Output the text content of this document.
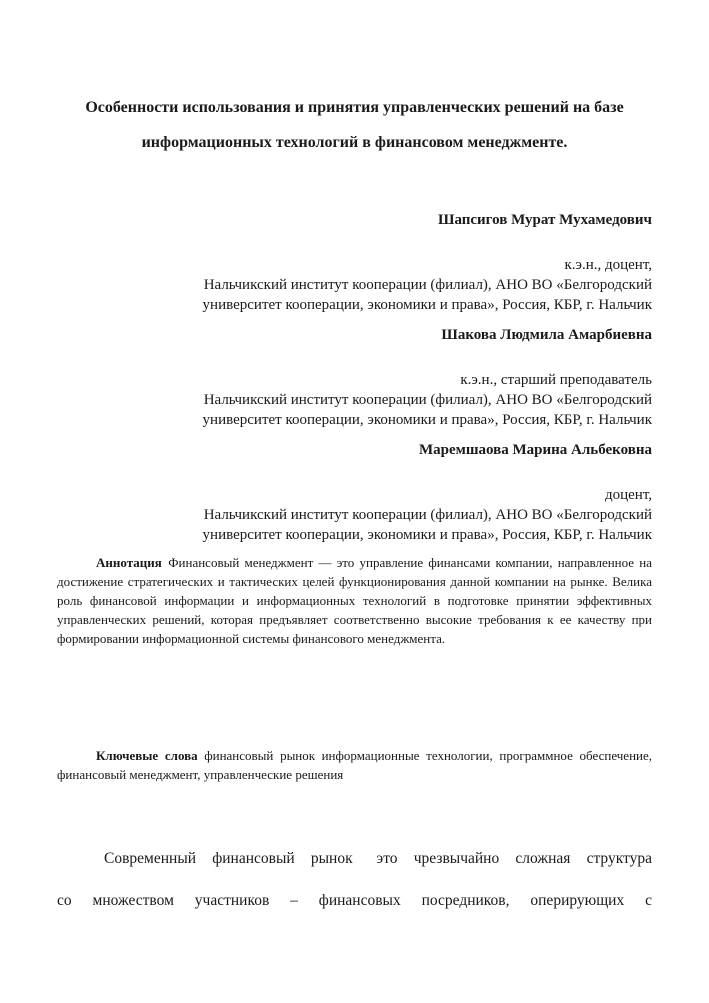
Особенности использования и принятия управленческих решений на базе
информационных технологий в финансовом менеджменте.

Шапсигов Мурат Мухамедович

к.э.н., доцент,

Нальчикский институт кооперации (филиал), АНО ВО «Белгородский

университет кооперации, экономики и права», Россия, КБР, г. Нальчик

Шакова Людмила Амарбиевна

к.э.н., старший преподаватель

Нальчикский институт кооперации (филиал), АНО ВО «Белгородский

университет кооперации, экономики и права», Россия, КБР, г. Нальчик

Маремшаова Марина Альбековна

доцент,

Нальчикский институт кооперации (филиал), АНО ВО «Белгородский

университет кооперации, экономики и права», Россия, КБР, г. Нальчик

Аннотация Финансовый менеджмент — это управление финансами компании, направленное на достижение стратегических и тактических целей функционирования данной компании на рынке. Велика роль финансовой информации и информационных технологий в подготовке принятии эффективных управленческих решений, которая предъявляет соответственно высокие требования к ее качеству при формировании информационной системы финансового менеджмента.

Ключевые слова финансовый рынок информационные технологии, программное обеспечение, финансовый менеджмент, управленческие решения

Современный финансовый рынок  это чрезвычайно сложная структура
со множеством участников – финансовых посредников, оперирующих с
